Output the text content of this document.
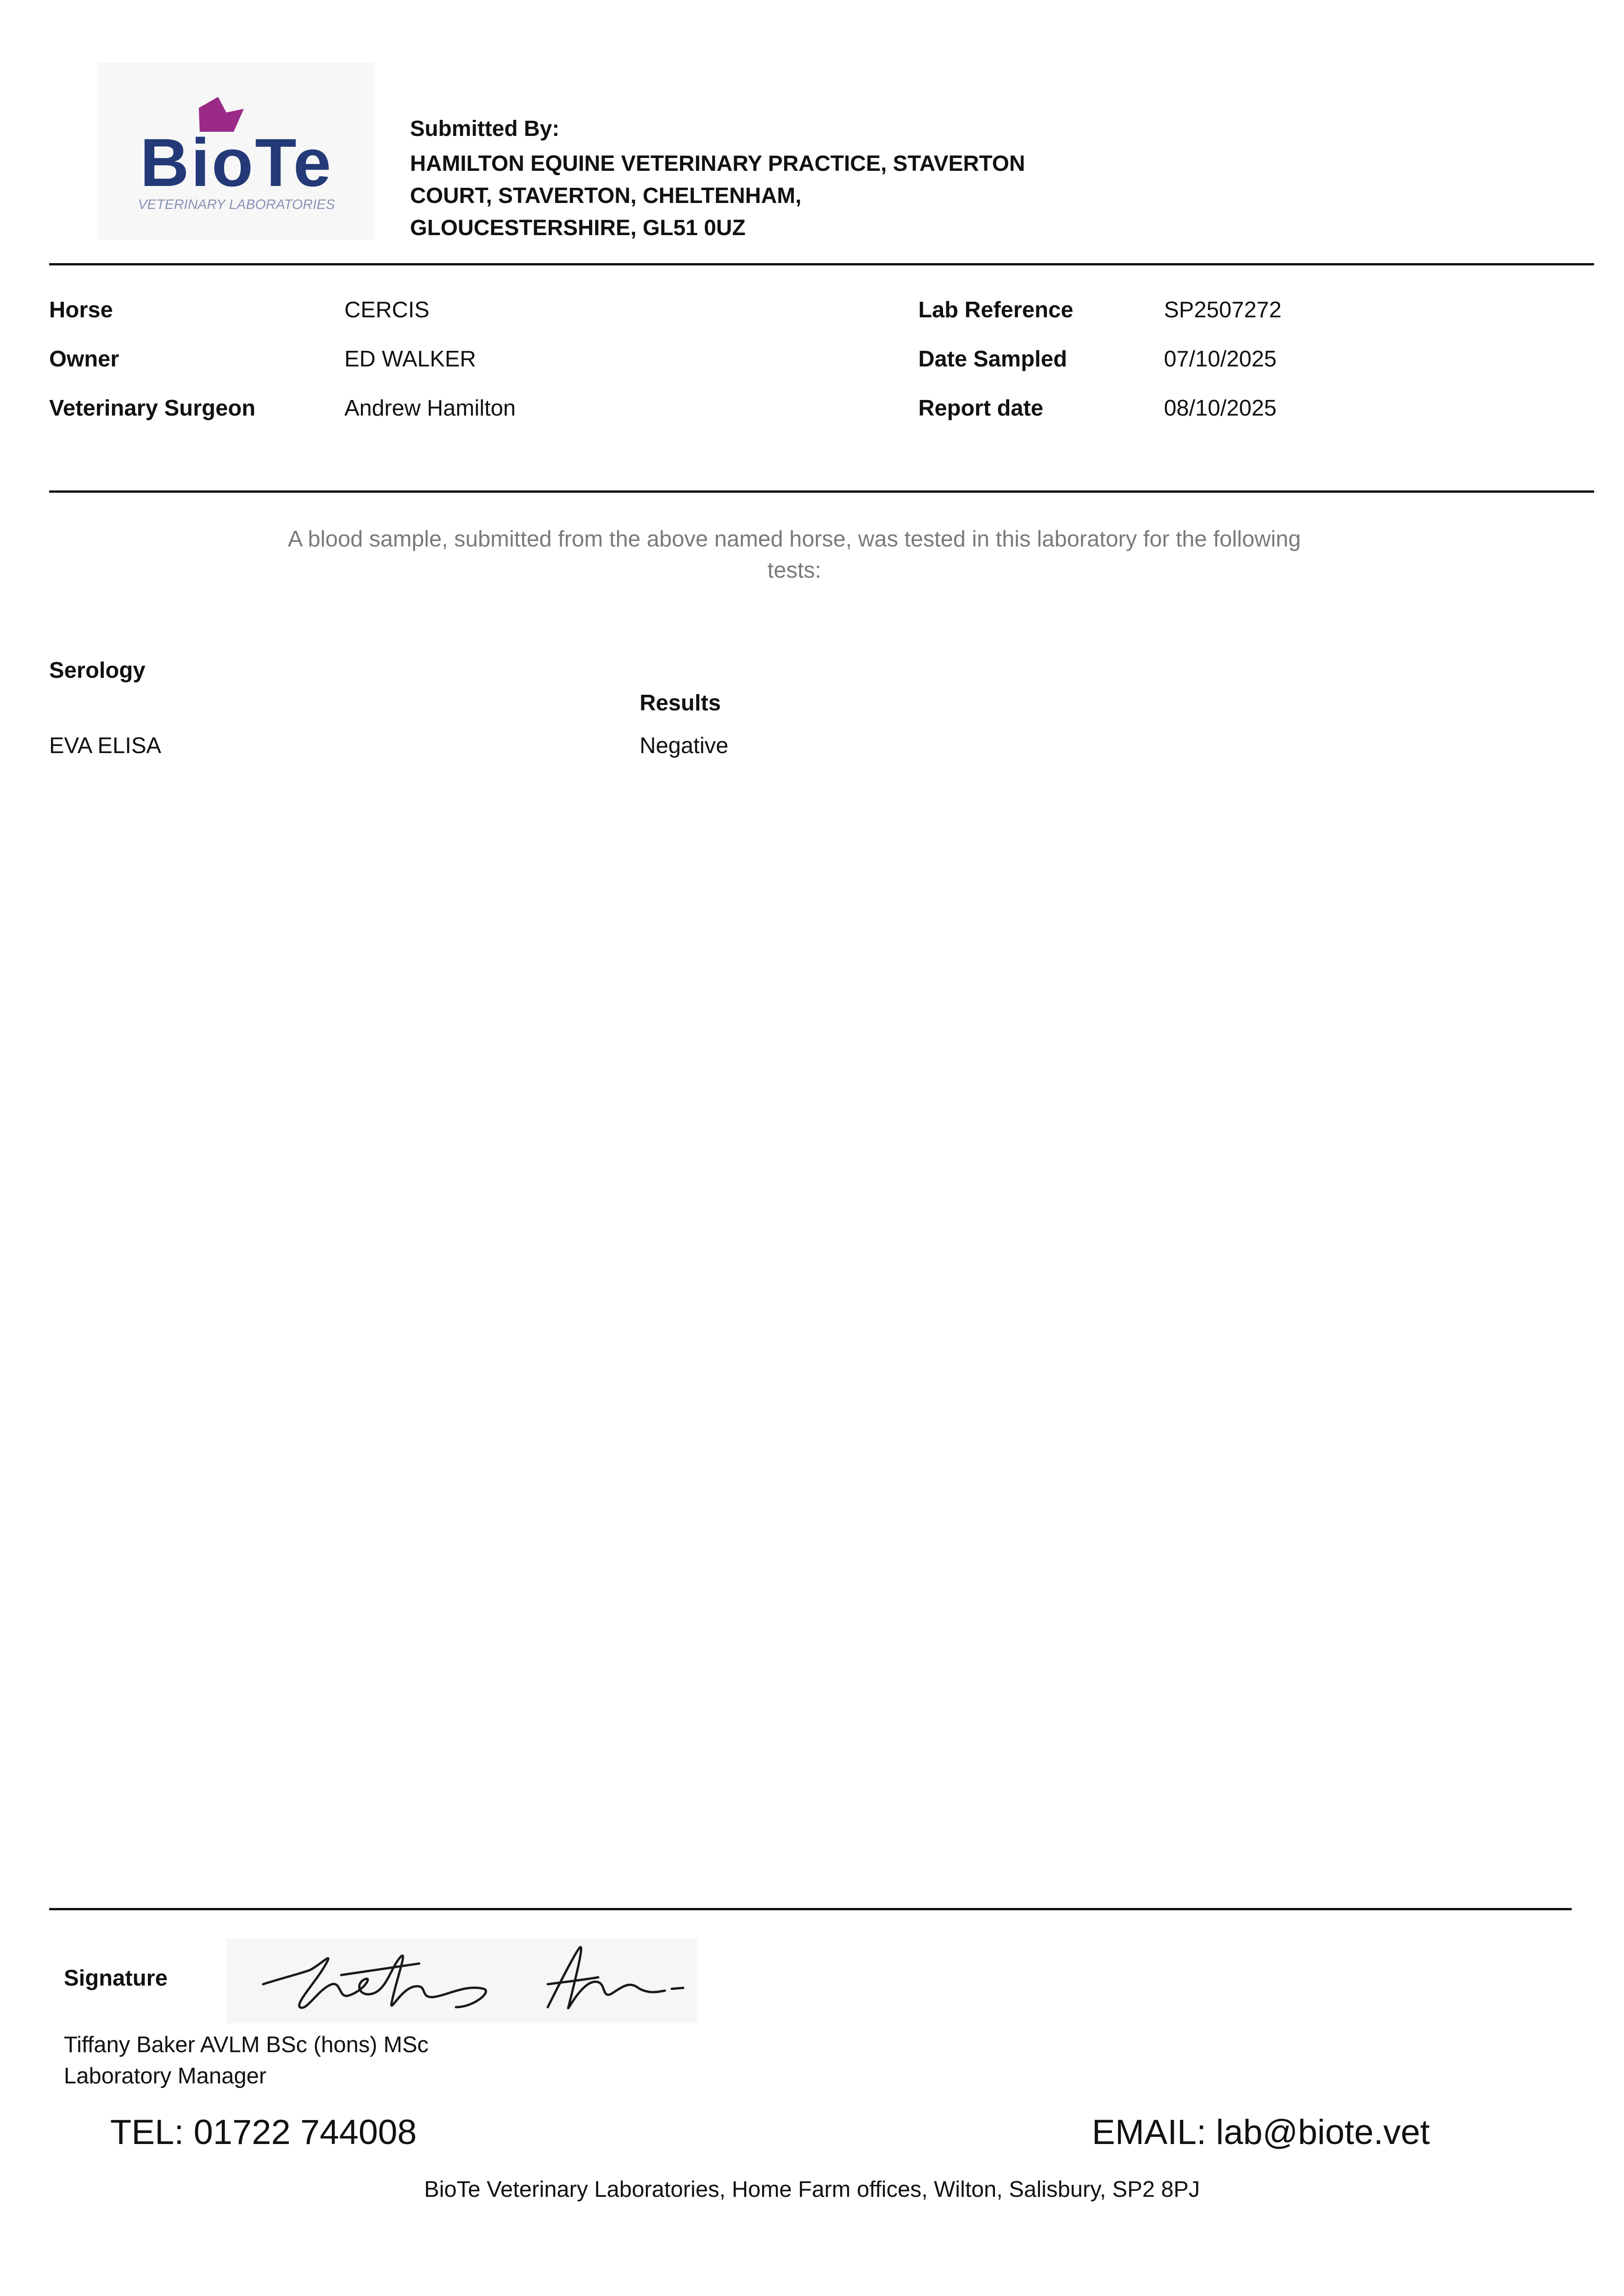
BioTe
VETERINARY LABORATORIES
Submitted By:
HAMILTON EQUINE VETERINARY PRACTICE, STAVERTON
COURT, STAVERTON, CHELTENHAM,
GLOUCESTERSHIRE, GL51 0UZ
Horse	CERCIS
Owner	ED WALKER
Veterinary Surgeon	Andrew Hamilton
Lab Reference	SP2507272
Date Sampled	07/10/2025
Report date	08/10/2025
A blood sample, submitted from the above named horse, was tested in this laboratory for the following tests:
Serology
Results
EVA ELISA	Negative
Signature
Tiffany Baker AVLM BSc (hons) MSc
Laboratory Manager
TEL: 01722 744008	EMAIL: lab@biote.vet
BioTe Veterinary Laboratories, Home Farm offices, Wilton, Salisbury, SP2 8PJ
